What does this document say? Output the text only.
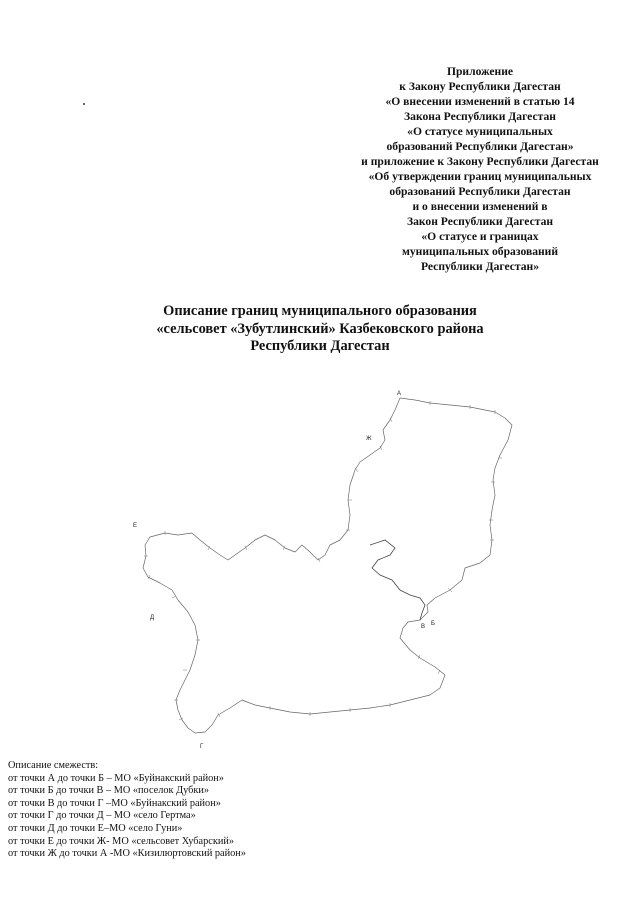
Приложение
к Закону Республики Дагестан
«О внесении изменений в статью 14
Закона Республики Дагестан
«О статусе муниципальных
образований Республики Дагестан»
и приложение к Закону Республики Дагестан
«Об утверждении границ муниципальных
образований Республики Дагестан
и о внесении изменений в
Закон Республики Дагестан
«О статусе и границах
муниципальных образований
Республики Дагестан»
Описание границ муниципального образования
«сельсовет «Зубутлинский» Казбековского района
Республики Дагестан
А
Б
В
Г
Д
Е
Ж
Описание смежеств:
от точки А до точки Б – МО «Буйнакский район»
от точки Б до точки В – МО «поселок Дубки»
от точки В до точки Г –МО «Буйнакский район»
от точки Г до точки Д – МО «село Гертма»
от точки Д до точки Е–МО «село Гуни»
от точки Е до точки Ж- МО «сельсовет Хубарский»
от точки Ж до точки А -МО «Кизилюртовский район»
